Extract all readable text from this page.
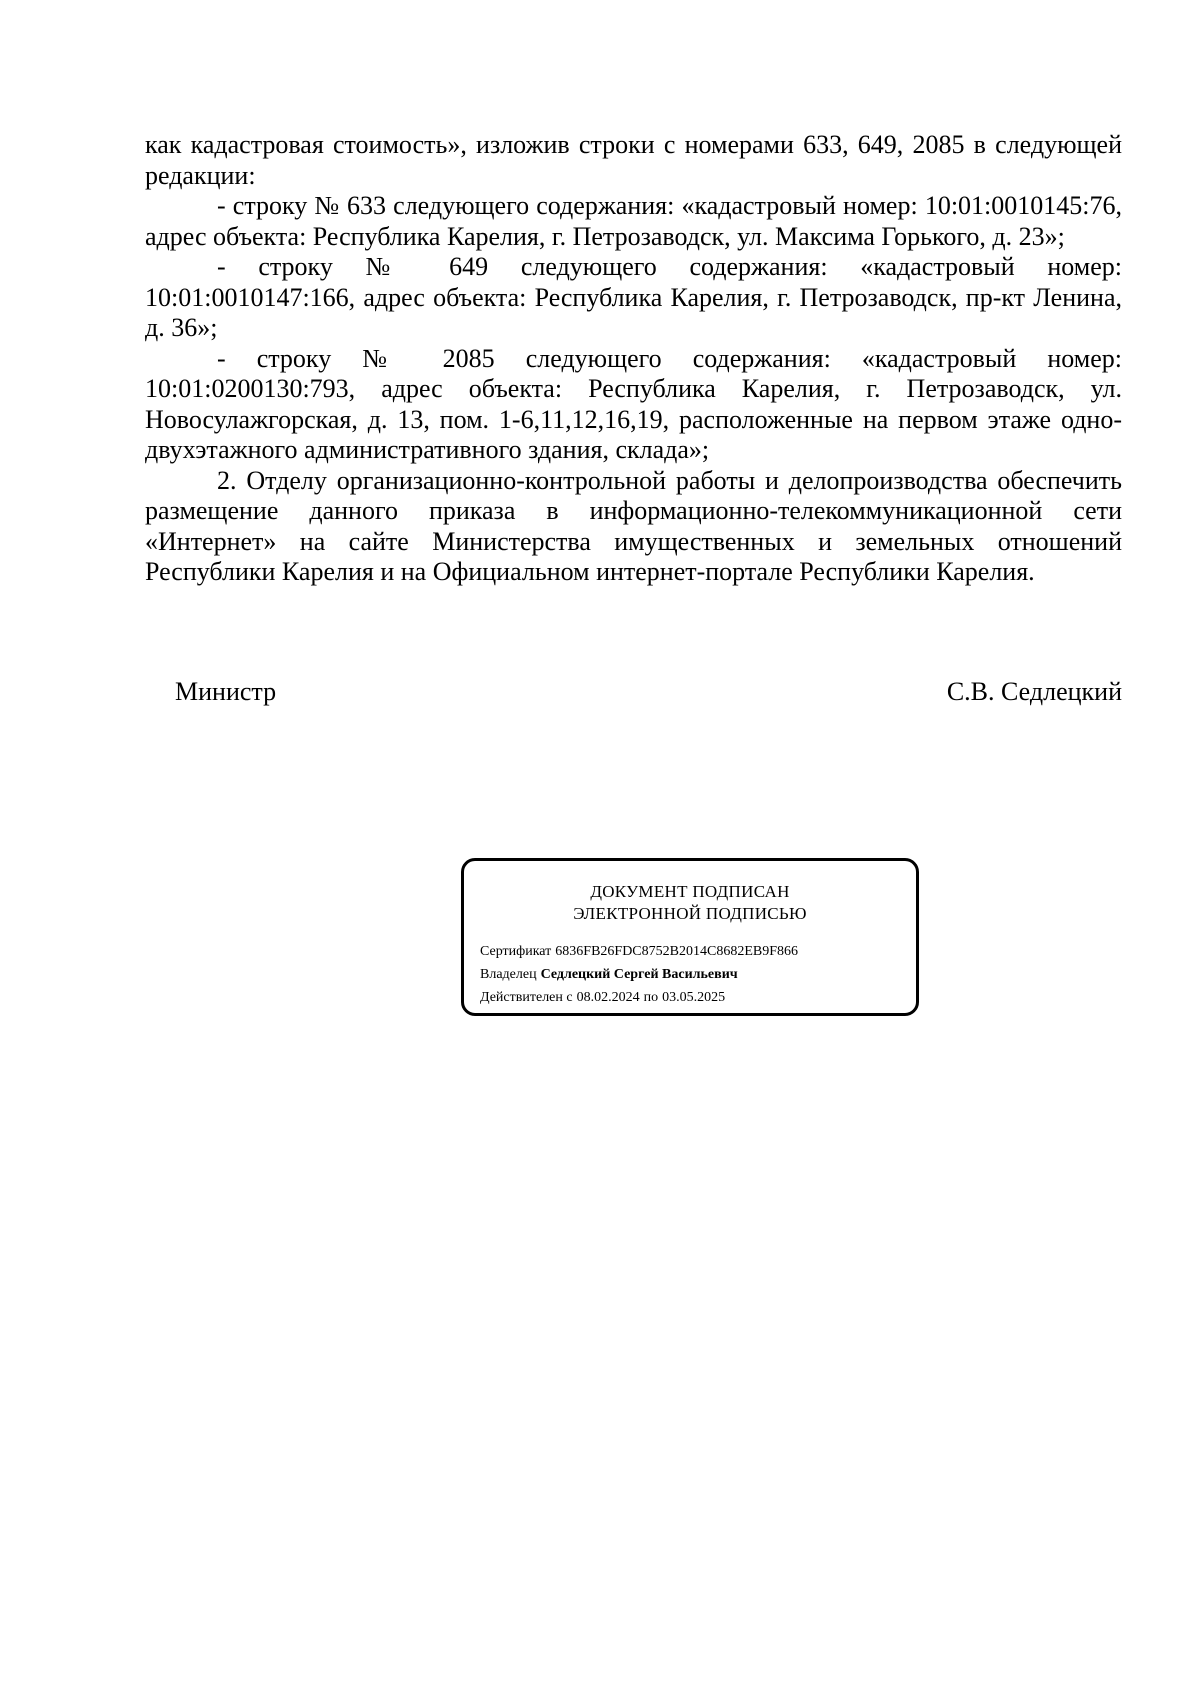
как кадастровая стоимость», изложив строки с номерами 633, 649, 2085 в следующей редакции:

- строку № 633 следующего содержания: «кадастровый номер: 10:01:0010145:76, адрес объекта: Республика Карелия, г. Петрозаводск, ул. Максима Горького, д. 23»;

- строку № 649 следующего содержания: «кадастровый номер: 10:01:0010147:166, адрес объекта: Республика Карелия, г. Петрозаводск, пр-кт Ленина, д. 36»;

- строку № 2085 следующего содержания: «кадастровый номер: 10:01:0200130:793, адрес объекта: Республика Карелия, г. Петрозаводск, ул. Новосулажгорская, д. 13, пом. 1-6,11,12,16,19, расположенные на первом этаже одно-двухэтажного административного здания, склада»;

2. Отделу организационно-контрольной работы и делопроизводства обеспечить размещение данного приказа в информационно-телекоммуникационной сети «Интернет» на сайте Министерства имущественных и земельных отношений Республики Карелия и на Официальном интернет-портале Республики Карелия.

Министр	С.В. Седлецкий
ДОКУМЕНТ ПОДПИСАН
ЭЛЕКТРОННОЙ ПОДПИСЬЮ
Сертификат 6836FB26FDC8752B2014C8682EB9F866
Владелец Седлецкий Сергей Васильевич
Действителен с 08.02.2024 по 03.05.2025
